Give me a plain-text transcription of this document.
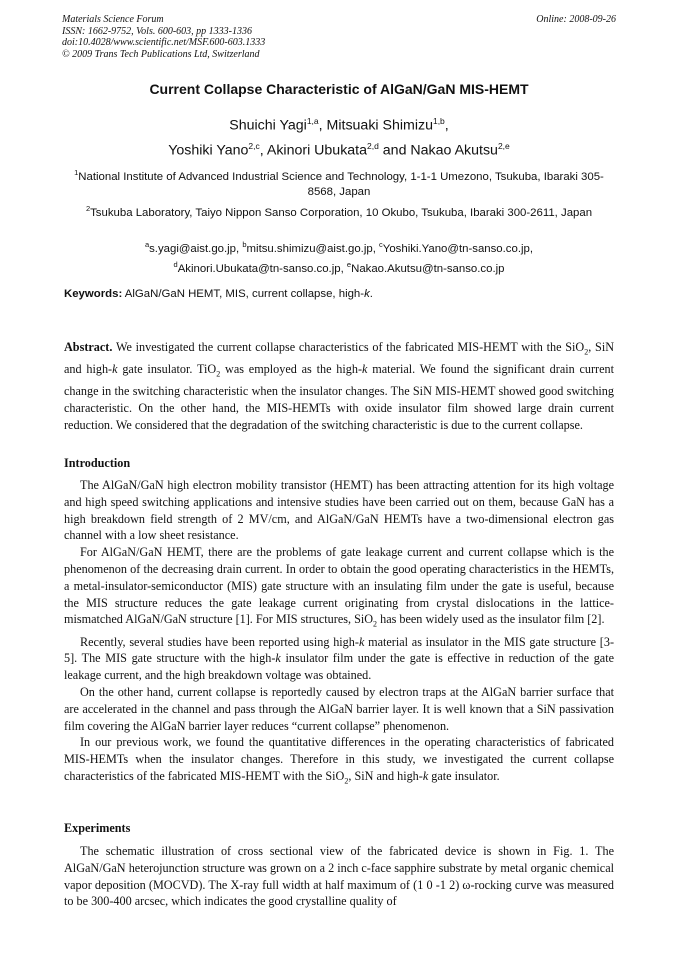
Materials Science Forum
ISSN: 1662-9752, Vols. 600-603, pp 1333-1336
doi:10.4028/www.scientific.net/MSF.600-603.1333
© 2009 Trans Tech Publications Ltd, Switzerland
Online: 2008-09-26
Current Collapse Characteristic of AlGaN/GaN MIS-HEMT
Shuichi Yagi$^{1,a}$, Mitsuaki Shimizu$^{1,b}$,
Yoshiki Yano$^{2,c}$, Akinori Ubukata$^{2,d}$ and Nakao Akutsu$^{2,e}$
$^1$National Institute of Advanced Industrial Science and Technology, 1-1-1 Umezono, Tsukuba, Ibaraki 305-8568, Japan
$^2$Tsukuba Laboratory, Taiyo Nippon Sanso Corporation, 10 Okubo, Tsukuba, Ibaraki 300-2611, Japan
$^a$s.yagi@aist.go.jp, $^b$mitsu.shimizu@aist.go.jp, $^c$Yoshiki.Yano@tn-sanso.co.jp,
$^d$Akinori.Ubukata@tn-sanso.co.jp, $^e$Nakao.Akutsu@tn-sanso.co.jp
Keywords: AlGaN/GaN HEMT, MIS, current collapse, high-k.

Abstract. We investigated the current collapse characteristics of the fabricated MIS-HEMT with the SiO$_2$, SiN and high-k gate insulator. TiO$_2$ was employed as the high-k material. We found the significant drain current change in the switching characteristic when the insulator changes. The SiN MIS-HEMT showed good switching characteristic. On the other hand, the MIS-HEMTs with oxide insulator film showed large drain current reduction. We considered that the degradation of the switching characteristic is due to the current collapse.

Introduction

The AlGaN/GaN high electron mobility transistor (HEMT) has been attracting attention for its high voltage and high speed switching applications and intensive studies have been carried out on them, because GaN has a high breakdown field strength of 2 MV/cm, and AlGaN/GaN HEMTs have a two-dimensional electron gas channel with a low sheet resistance.

For AlGaN/GaN HEMT, there are the problems of gate leakage current and current collapse which is the phenomenon of the decreasing drain current. In order to obtain the good operating characteristics in the HEMTs, a metal-insulator-semiconductor (MIS) gate structure with an insulating film under the gate is useful, because the MIS structure reduces the gate leakage current originating from crystal dislocations in the lattice-mismatched AlGaN/GaN structure [1]. For MIS structures, SiO$_2$ has been widely used as the insulator film [2].

Recently, several studies have been reported using high-k material as insulator in the MIS gate structure [3-5]. The MIS gate structure with the high-k insulator film under the gate is effective in reduction of the gate leakage current, and the high breakdown voltage was obtained.

On the other hand, current collapse is reportedly caused by electron traps at the AlGaN barrier surface that are accelerated in the channel and pass through the AlGaN barrier layer. It is well known that a SiN passivation film covering the AlGaN barrier layer reduces “current collapse” phenomenon.

In our previous work, we found the quantitative differences in the operating characteristics of fabricated MIS-HEMTs when the insulator changes. Therefore in this study, we investigated the current collapse characteristics of the fabricated MIS-HEMT with the SiO$_2$, SiN and high-k gate insulator.

Experiments

The schematic illustration of cross sectional view of the fabricated device is shown in Fig. 1. The AlGaN/GaN heterojunction structure was grown on a 2 inch c-face sapphire substrate by metal organic chemical vapor deposition (MOCVD). The X-ray full width at half maximum of (1 0 -1 2) ω-rocking curve was measured to be 300-400 arcsec, which indicates the good crystalline quality of
